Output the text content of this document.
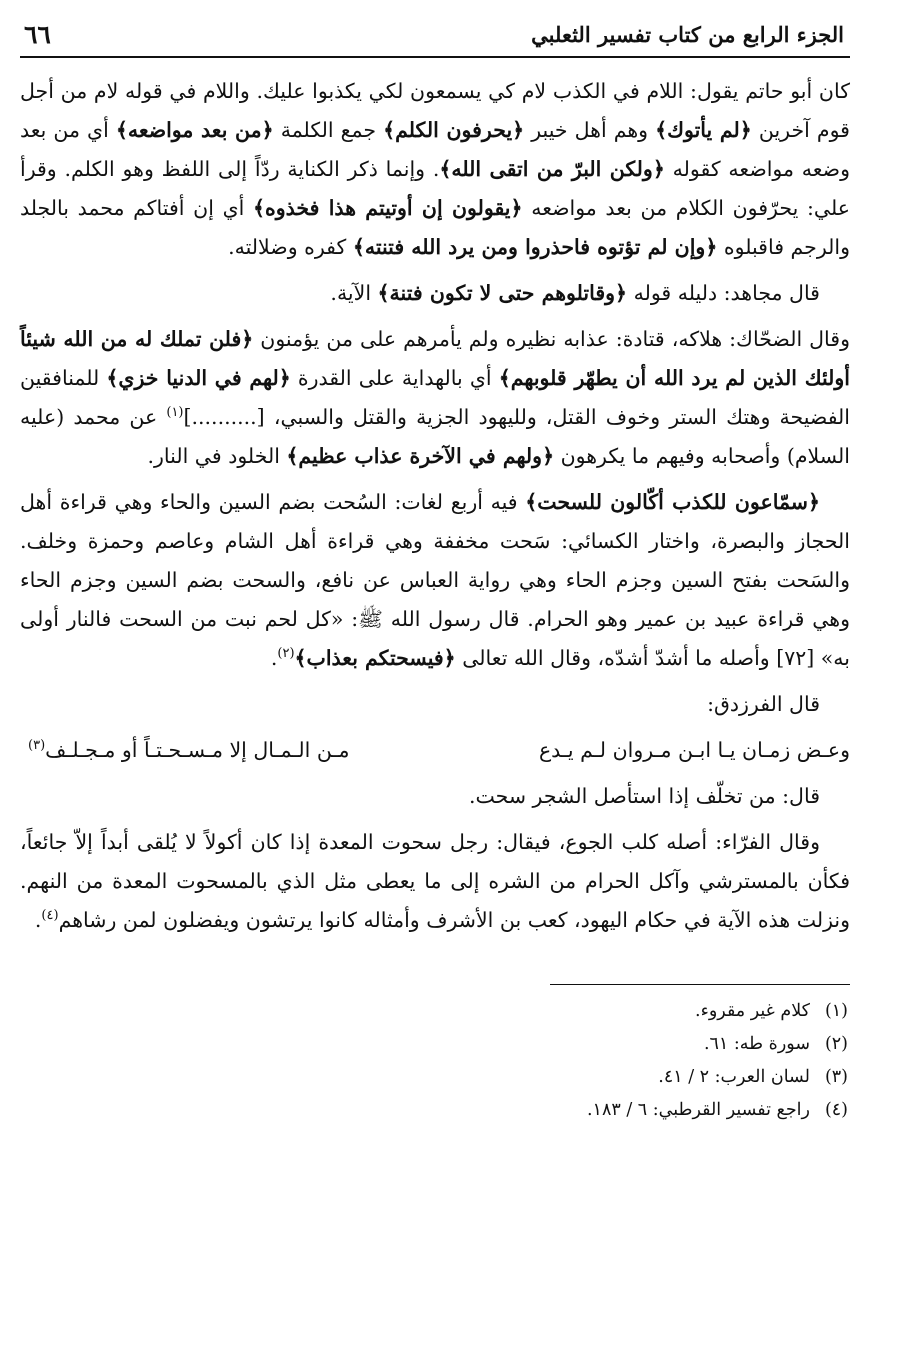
الجزء الرابع من كتاب تفسير الثعلبي
٦٦

كان أبو حاتم يقول: اللام في الكذب لام كي يسمعون لكي يكذبوا عليك. واللام في قوله لام من أجل قوم آخرين ﴿لم يأتوك﴾ وهم أهل خيبر ﴿يحرفون الكلم﴾ جمع الكلمة ﴿من بعد مواضعه﴾ أي من بعد وضعه مواضعه كقوله ﴿ولكن البرّ من اتقى الله﴾. وإنما ذكر الكناية ردّاً إلى اللفظ وهو الكلم. وقرأ علي: يحرّفون الكلام من بعد مواضعه ﴿يقولون إن أوتيتم هذا فخذوه﴾ أي إن أفتاكم محمد بالجلد والرجم فاقبلوه ﴿وإن لم تؤتوه فاحذروا ومن يرد الله فتنته﴾ كفره وضلالته.

قال مجاهد: دليله قوله ﴿وقاتلوهم حتى لا تكون فتنة﴾ الآية.

وقال الضحّاك: هلاكه، قتادة: عذابه نظيره ولم يأمرهم على من يؤمنون ﴿فلن تملك له من الله شيئاً أولئك الذين لم يرد الله أن يطهّر قلوبهم﴾ أي بالهداية على القدرة ﴿لهم في الدنيا خزي﴾ للمنافقين الفضيحة وهتك الستر وخوف القتل، ولليهود الجزية والقتل والسبي، [..........]$^{(١)}$ عن محمد (عليه السلام) وأصحابه وفيهم ما يكرهون ﴿ولهم في الآخرة عذاب عظيم﴾ الخلود في النار.

﴿سمّاعون للكذب أكّالون للسحت﴾ فيه أربع لغات: السُحت بضم السين والحاء وهي قراءة أهل الحجاز والبصرة، واختار الكسائي: سَحت مخففة وهي قراءة أهل الشام وعاصم وحمزة وخلف. والسَحت بفتح السين وجزم الحاء وهي رواية العباس عن نافع، والسحت بضم السين وجزم الحاء وهي قراءة عبيد بن عمير وهو الحرام. قال رسول الله ﷺ: «كل لحم نبت من السحت فالنار أولى به» [٧٢] وأصله ما أشدّ أشدّه، وقال الله تعالى ﴿فيسحتكم بعذاب﴾$^{(٢)}$.

قال الفرزدق:

وعـض زمـان يـا ابـن مـروان لـم يـدع
مـن الـمـال إلا مـسـحـتـاً أو مـجـلـف$^{(٣)}$

قال: من تخلّف إذا استأصل الشجر سحت.

وقال الفرّاء: أصله كلب الجوع، فيقال: رجل سحوت المعدة إذا كان أكولاً لا يُلقى أبداً إلاّ جائعاً، فكأن بالمسترشي وآكل الحرام من الشره إلى ما يعطى مثل الذي بالمسحوت المعدة من النهم. ونزلت هذه الآية في حكام اليهود، كعب بن الأشرف وأمثاله كانوا يرتشون ويفضلون لمن رشاهم$^{(٤)}$.

(١)
كلام غير مقروء.
(٢)
سورة طه: ٦١.
(٣)
لسان العرب: ٢ / ٤١.
(٤)
راجع تفسير القرطبي: ٦ / ١٨٣.
